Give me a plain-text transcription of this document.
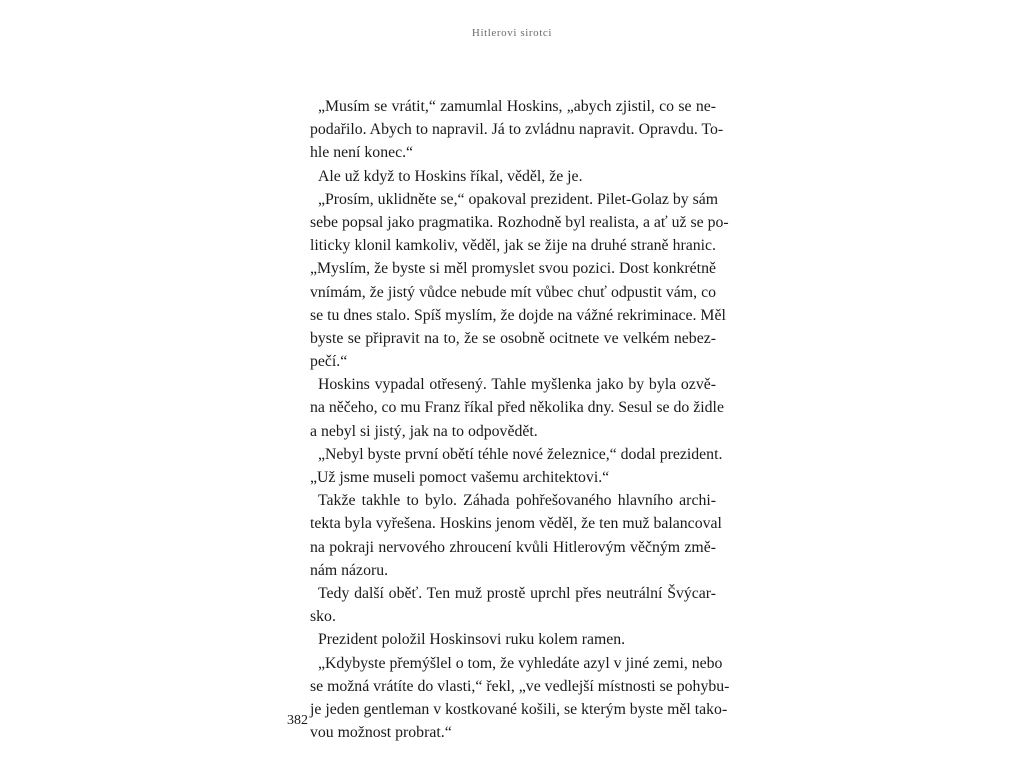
Hitlerovi sirotci
„Musím se vrátit,“ zamumlal Hoskins, „abych zjistil, co se ne-
podařilo. Abych to napravil. Já to zvládnu napravit. Opravdu. To-
hle není konec.“
Ale už když to Hoskins říkal, věděl, že je.
„Prosím, uklidněte se,“ opakoval prezident. Pilet-Golaz by sám
sebe popsal jako pragmatika. Rozhodně byl realista, a ať už se po-
liticky klonil kamkoliv, věděl, jak se žije na druhé straně hranic.
„Myslím, že byste si měl promyslet svou pozici. Dost konkrétně
vnímám, že jistý vůdce nebude mít vůbec chuť odpustit vám, co
se tu dnes stalo. Spíš myslím, že dojde na vážné rekriminace. Měl
byste se připravit na to, že se osobně ocitnete ve velkém nebez-
pečí.“
Hoskins vypadal otřesený. Tahle myšlenka jako by byla ozvě-
na něčeho, co mu Franz říkal před několika dny. Sesul se do židle
a nebyl si jistý, jak na to odpovědět.
„Nebyl byste první obětí téhle nové železnice,“ dodal prezident.
„Už jsme museli pomoct vašemu architektovi.“
Takže takhle to bylo. Záhada pohřešovaného hlavního archi-
tekta byla vyřešena. Hoskins jenom věděl, že ten muž balancoval
na pokraji nervového zhroucení kvůli Hitlerovým věčným změ-
nám názoru.
Tedy další oběť. Ten muž prostě uprchl přes neutrální Švýcar-
sko.
Prezident položil Hoskinsovi ruku kolem ramen.
„Kdybyste přemýšlel o tom, že vyhledáte azyl v jiné zemi, nebo
se možná vrátíte do vlasti,“ řekl, „ve vedlejší místnosti se pohybu-
je jeden gentleman v kostkované košili, se kterým byste měl tako-
vou možnost probrat.“
382
